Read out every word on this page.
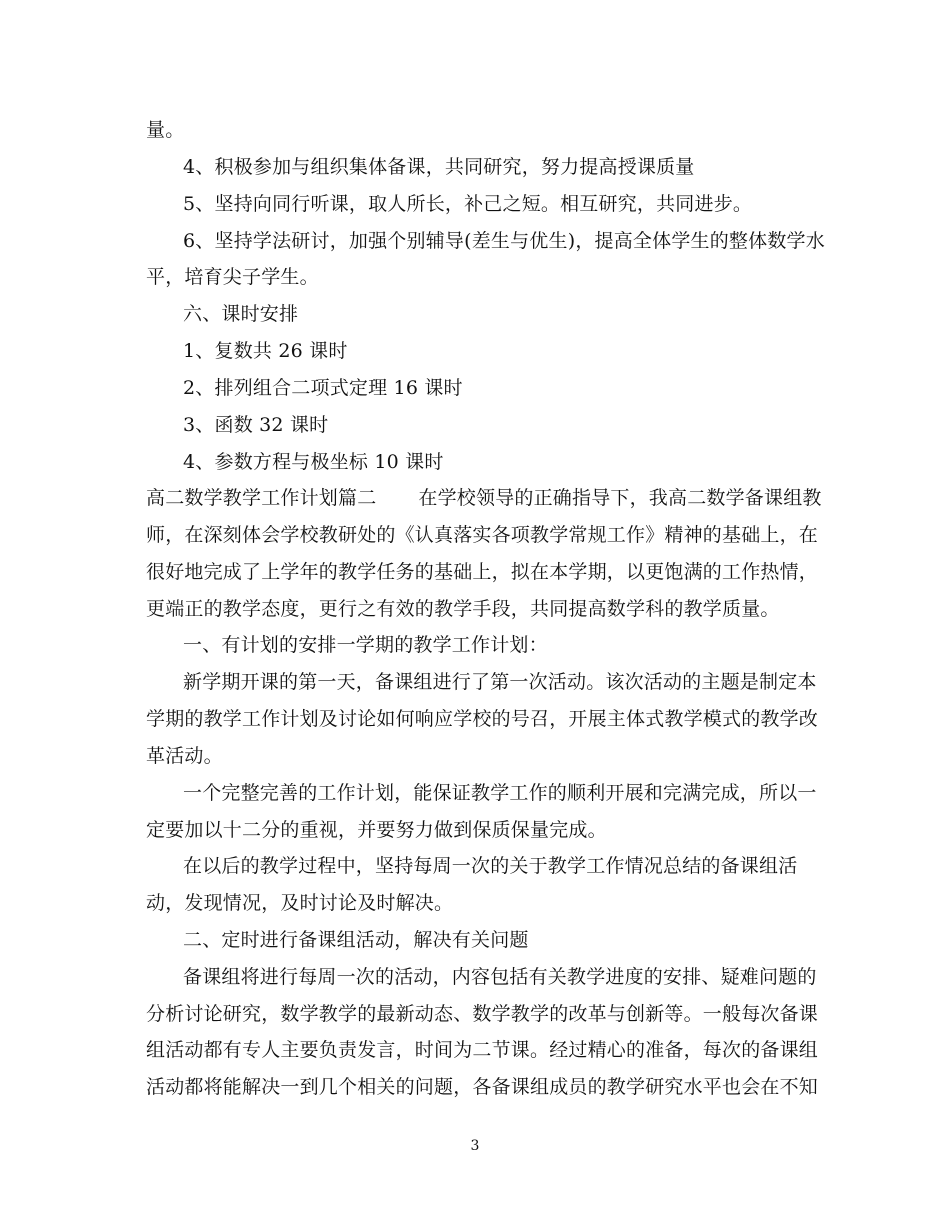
量。
4、积极参加与组织集体备课，共同研究，努力提高授课质量
5、坚持向同行听课，取人所长，补己之短。相互研究，共同进步。
6、坚持学法研讨，加强个别辅导(差生与优生)，提高全体学生的整体数学水
平，培育尖子学生。
六、课时安排
1、复数共 26 课时
2、排列组合二项式定理 16 课时
3、函数 32 课时
4、参数方程与极坐标 10 课时
高二数学教学工作计划篇二 在学校领导的正确指导下，我高二数学备课组教
师，在深刻体会学校教研处的《认真落实各项教学常规工作》精神的基础上，在
很好地完成了上学年的教学任务的基础上，拟在本学期，以更饱满的工作热情，
更端正的教学态度，更行之有效的教学手段，共同提高数学科的教学质量。
一、有计划的安排一学期的教学工作计划：
新学期开课的第一天，备课组进行了第一次活动。该次活动的主题是制定本
学期的教学工作计划及讨论如何响应学校的号召，开展主体式教学模式的教学改
革活动。
一个完整完善的工作计划，能保证教学工作的顺利开展和完满完成，所以一
定要加以十二分的重视，并要努力做到保质保量完成。
在以后的教学过程中，坚持每周一次的关于教学工作情况总结的备课组活
动，发现情况，及时讨论及时解决。
二、定时进行备课组活动，解决有关问题
备课组将进行每周一次的活动，内容包括有关教学进度的安排、疑难问题的
分析讨论研究，数学教学的最新动态、数学教学的改革与创新等。一般每次备课
组活动都有专人主要负责发言，时间为二节课。经过精心的准备，每次的备课组
活动都将能解决一到几个相关的问题，各备课组成员的教学研究水平也会在不知
3
